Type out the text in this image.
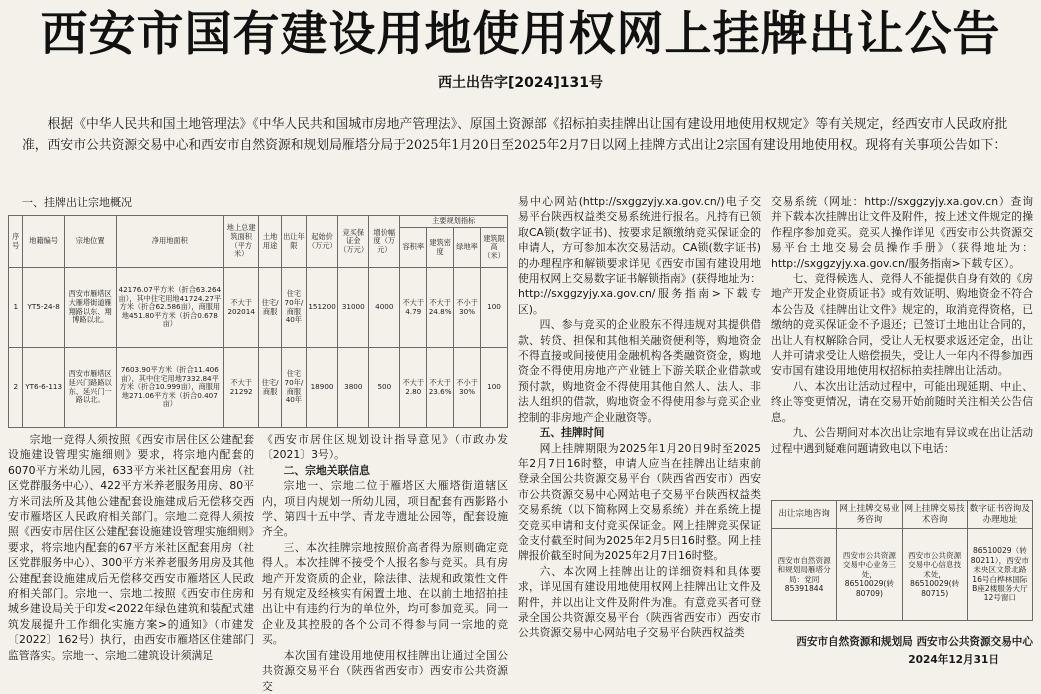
西安市国有建设用地使用权网上挂牌出让公告
西土出告字[2024]131号
根据《中华人民共和国土地管理法》《中华人民共和国城市房地产管理法》、原国土资源部《招标拍卖挂牌出让国有建设用地使用权规定》等有关规定，经西安市人民政府批准，西安市公共资源交易中心和西安市自然资源和规划局雁塔分局于2025年1月20日至2025年2月7日以网上挂牌方式出让2宗国有建设用地使用权。现将有关事项公告如下：
一、挂牌出让宗地概况
序号	地籍编号	宗地位置	净用地面积	地上总建筑面积（平方米）	土地用途	出让年限	起始价（万元）	竞买保证金（万元）	增价幅度（万元）	主要规划指标			
										容积率	建筑密度	绿地率	建筑限高（米）
1	YT5-24-8	西安市雁塔区大雁塔街道雁翔路以东、翔博路以北。	42176.07平方米（折合63.264亩），其中住宅用地41724.27平方米（折合62.586亩），商服用地451.80平方米（折合0.678亩）	不大于202014	住宅/商服	住宅70年/商服40年	151200	31000	4000	不大于4.79	不大于24.8%	不小于30%	100
2	YT6-6-113	西安市雁塔区延兴门路路以东、延兴门一路以北。	7603.90平方米（折合11.406亩），其中住宅用地7332.84平方米（折合10.999亩），商服用地271.06平方米（折合0.407亩）	不大于21292	住宅/商服	住宅70年/商服40年	18900	3800	500	不大于2.80	不大于23.6%	不小于30%	100

宗地一竞得人须按照《西安市居住区公建配套设施建设管理实施细则》要求，将宗地内配套的6070平方米幼儿园，633平方米社区配套用房（社区党群服务中心）、422平方米养老服务用房、80平方米司法所及其他公建配套设施建成后无偿移交西安市雁塔区人民政府相关部门。宗地二竞得人须按照《西安市居住区公建配套设施建设管理实施细则》要求，将宗地内配套的67平方米社区配套用房（社区党群服务中心）、300平方米养老服务用房及其他公建配套设施建成后无偿移交西安市雁塔区人民政府相关部门。宗地一、宗地二按照《西安市住房和城乡建设局关于印发<2022年绿色建筑和装配式建筑发展提升工作细化实施方案>的通知》（市建发〔2022〕162号）执行，由西安市雁塔区住建部门监管落实。宗地一、宗地二建筑设计须满足

《西安市居住区规划设计指导意见》（市政办发〔2021〕3号）。

二、宗地关联信息

宗地一、宗地二位于雁塔区大雁塔街道辖区内，项目内规划一所幼儿园，项目配套有西影路小学、第四十五中学、青龙寺遗址公园等，配套设施齐全。

三、本次挂牌宗地按照价高者得为原则确定竞得人。本次挂牌不接受个人报名参与竞买。具有房地产开发资质的企业，除法律、法规和政策性文件另有规定及经核实有闲置土地、在以前土地招拍挂出让中有违约行为的单位外，均可参加竞买。同一企业及其控股的各个公司不得参与同一宗地的竞买。

本次国有建设用地使用权挂牌出让通过全国公共资源交易平台（陕西省西安市）西安市公共资源交

易中心网站(http://sxggzyjy.xa.gov.cn/)电子交易平台陕西权益类交易系统进行报名。凡持有已领取CA锁(数字证书)、按要求足额缴纳竞买保证金的申请人，方可参加本次交易活动。CA锁(数字证书)的办理程序和解锁要求详见《西安市国有建设用地使用权网上交易数字证书解锁指南》(获得地址为：http://sxggzyjy.xa.gov.cn/服务指南>下载专区)。

四、参与竞买的企业股东不得违规对其提供借款、转贷、担保和其他相关融资便利等，购地资金不得直接或间接使用金融机构各类融资资金，购地资金不得使用房地产产业链上下游关联企业借款或预付款，购地资金不得使用其他自然人、法人、非法人组织的借款，购地资金不得使用参与竞买企业控制的非房地产企业融资等。

五、挂牌时间

网上挂牌期限为2025年1月20日9时至2025年2月7日16时整，申请人应当在挂牌出让结束前登录全国公共资源交易平台（陕西省西安市）西安市公共资源交易中心网站电子交易平台陕西权益类交易系统（以下简称网上交易系统）并在系统上提交竞买申请和支付竞买保证金。网上挂牌竞买保证金支付截至时间为2025年2月5日16时整。网上挂牌报价截至时间为2025年2月7日16时整。

六、本次网上挂牌出让的详细资料和具体要求，详见国有建设用地使用权网上挂牌出让文件及附件，并以出让文件及附件为准。有意竞买者可登录全国公共资源交易平台（陕西省西安市）西安市公共资源交易中心网站电子交易平台陕西权益类

交易系统（网址：http://sxggzyjy.xa.gov.cn）查询并下载本次挂牌出让文件及附件，按上述文件规定的操作程序参加竞买。竞买人操作详见《西安市公共资源交易平台土地交易会员操作手册》（获得地址为：http://sxggzyjy.xa.gov.cn/服务指南>下载专区）。

七、竞得候选人、竞得人不能提供自身有效的《房地产开发企业资质证书》或有效证明、购地资金不符合本公告及《挂牌出让文件》规定的，取消竞得资格，已缴纳的竞买保证金不予退还；已签订土地出让合同的，出让人有权解除合同，受让人无权要求返还定金，出让人并可请求受让人赔偿损失，受让人一年内不得参加西安市国有建设用地使用权招标拍卖挂牌出让活动。

八、本次出让活动过程中，可能出现延期、中止、终止等变更情况，请在交易开始前随时关注相关公告信息。

九、公告期间对本次出让宗地有异议或在出让活动过程中遇到疑难问题请致电以下电话：

出让宗地咨询	网上挂牌交易业务咨询	网上挂牌交易技术咨询	数字证书咨询及办理地址
西安市自然资源和规划局雁塔分局：党同85391844	西安市公共资源交易中心业务三处，86510029(转80709)	西安市公共资源交易中心信息技术处，86510029(转80715)	86510029（转80211），西安市未央区文景北路16号白桦林国际B座2楼服务大厅12号窗口
西安市自然资源和规划局 西安市公共资源交易中心
2024年12月31日
